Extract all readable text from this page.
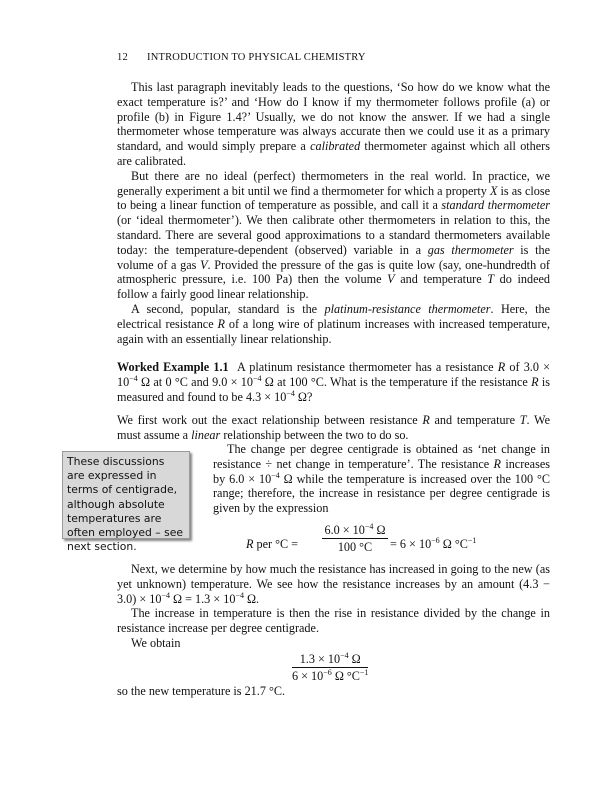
12 INTRODUCTION TO PHYSICAL CHEMISTRY

This last paragraph inevitably leads to the questions, ‘So how do we know what the exact temperature is?’ and ‘How do I know if my thermometer follows profile (a) or profile (b) in Figure 1.4?’ Usually, we do not know the answer. If we had a single thermometer whose temperature was always accurate then we could use it as a primary standard, and would simply prepare a calibrated thermometer against which all others are calibrated.

But there are no ideal (perfect) thermometers in the real world. In practice, we generally experiment a bit until we find a thermometer for which a property X is as close to being a linear function of temperature as possible, and call it a standard thermometer (or ‘ideal thermometer’). We then calibrate other thermometers in relation to this, the standard. There are several good approximations to a standard thermometers available today: the temperature-dependent (observed) variable in a gas thermometer is the volume of a gas V. Provided the pressure of the gas is quite low (say, one-hundredth of atmospheric pressure, i.e. 100 Pa) then the volume V and temperature T do indeed follow a fairly good linear relationship.

A second, popular, standard is the platinum-resistance thermometer. Here, the electrical resistance R of a long wire of platinum increases with increased temperature, again with an essentially linear relationship.

Worked Example 1.1 A platinum resistance thermometer has a resistance R of $3.0 \times 10^{-4}$ Ω at 0 °C and $9.0 \times 10^{-4}$ Ω at 100 °C. What is the temperature if the resistance R is measured and found to be $4.3 \times 10^{-4}$ Ω?
We first work out the exact relationship between resistance R and temperature T. We must assume a linear relationship between the two to do so.

The change per degree centigrade is obtained as ‘net change in resistance ÷ net change in temperature’. The resistance R increases by $6.0 \times 10^{-4}$ Ω while the temperature is increased over the 100 °C range; therefore, the increase in resistance per degree centigrade is given by the expression

These discussions are expressed in terms of centigrade, although absolute temperatures are often employed – see next section.	R per $^\circ C = \frac{6.0 \times 10^{-4} \Omega}{100 ^\circ C} = 6 \times 10^{-6}$ Ω $^\circ C^{-1}$

Next, we determine by how much the resistance has increased in going to the new (as yet unknown) temperature. We see how the resistance increases by an amount $(4.3 - 3.0) \times 10^{-4}$ $\Omega = 1.3 \times 10^{-4}$ Ω.

The increase in temperature is then the rise in resistance divided by the change in resistance increase per degree centigrade.

We obtain

$\frac{1.3 \times 10^{-4} \Omega}{6 \times 10^{-6} \Omega ^\circ C^{-1}}$
so the new temperature is 21.7 °C.
